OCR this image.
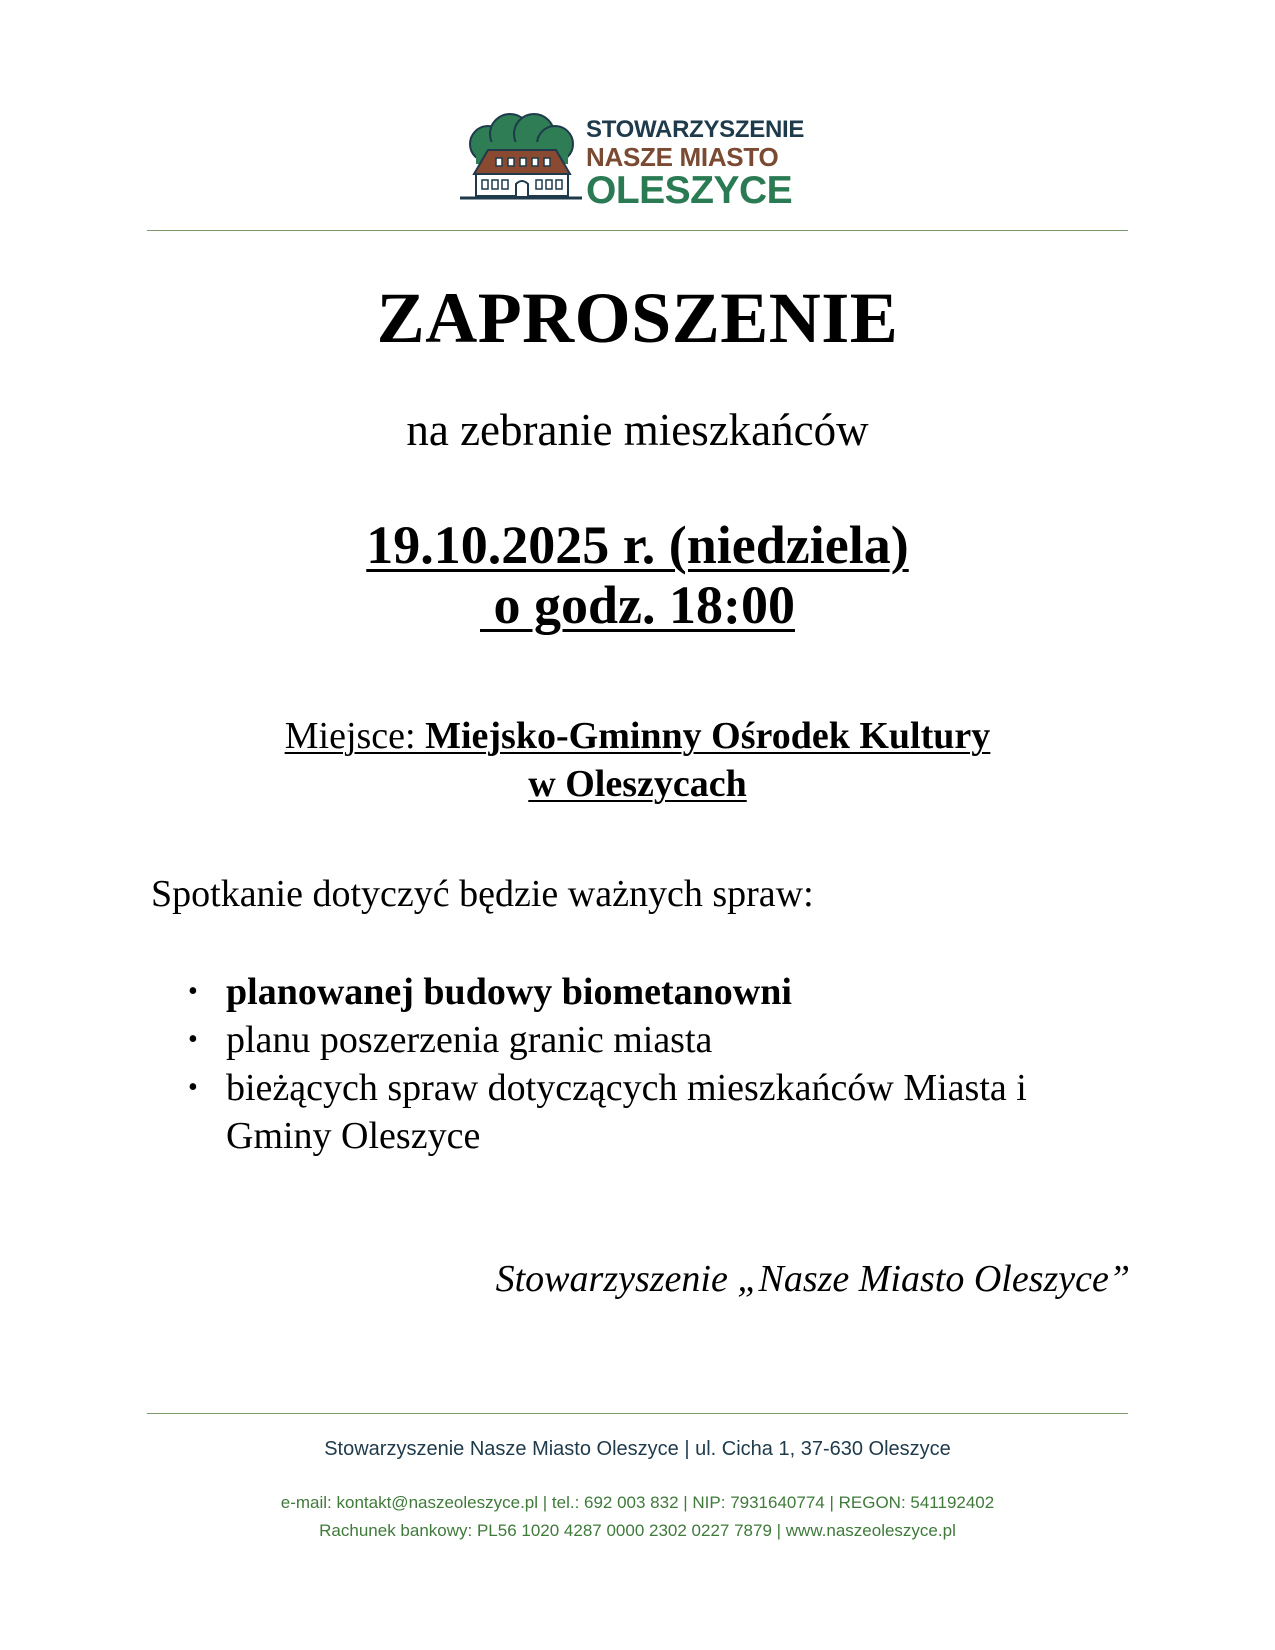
STOWARZYSZENIE
NASZE MIASTO
OLESZYCE
ZAPROSZENIE
na zebranie mieszkańców
19.10.2025 r. (niedziela)
o godz. 18:00
Miejsce: Miejsko-Gminny Ośrodek Kultury
w Oleszycach
Spotkanie dotyczyć będzie ważnych spraw:
• planowanej budowy biometanowni
• planu poszerzenia granic miasta
• bieżących spraw dotyczących mieszkańców Miasta i Gminy Oleszyce
Stowarzyszenie „Nasze Miasto Oleszyce”
Stowarzyszenie Nasze Miasto Oleszyce | ul. Cicha 1, 37-630 Oleszyce
e-mail: kontakt@naszeoleszyce.pl | tel.: 692 003 832 | NIP: 7931640774 | REGON: 541192402
Rachunek bankowy: PL56 1020 4287 0000 2302 0227 7879 | www.naszeoleszyce.pl
